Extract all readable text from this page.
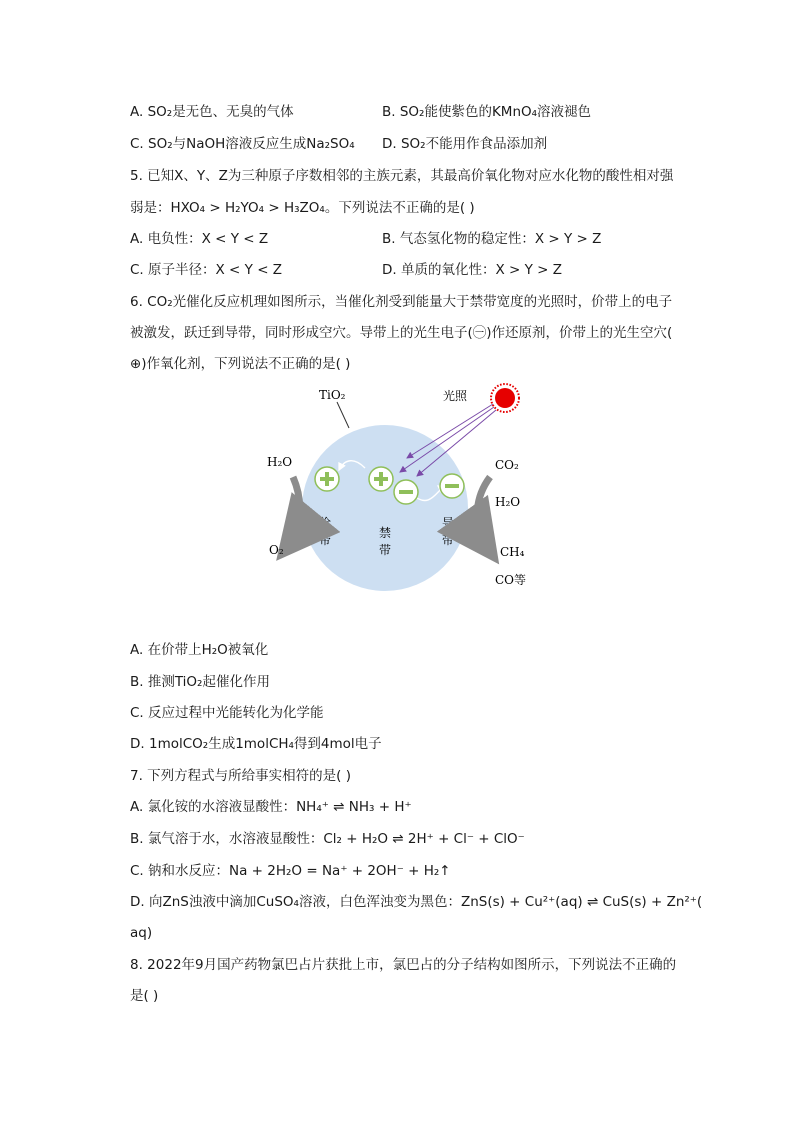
A. SO₂是无色、无臭的气体	B. SO₂能使紫色的KMnO₄溶液褪色
C. SO₂与NaOH溶液反应生成Na₂SO₄ D. SO₂不能用作食品添加剂
5. 已知X、Y、Z为三种原子序数相邻的主族元素，其最高价氧化物对应水化物的酸性相对强
弱是：HXO₄ > H₂YO₄ > H₃ZO₄。下列说法不正确的是( )
A. 电负性：X < Y < Z	B. 气态氢化物的稳定性：X > Y > Z
C. 原子半径：X < Y < Z	D. 单质的氧化性：X > Y > Z
6. CO₂光催化反应机理如图所示，当催化剂受到能量大于禁带宽度的光照时，价带上的电子
被激发，跃迁到导带，同时形成空穴。导带上的光生电子(㊀)作还原剂，价带上的光生空穴(
⊕)作氧化剂，下列说法不正确的是( )
TiO₂	光照
价
带	禁
带
导
带
H₂O
O₂
CO₂
H₂O
CH₄
CO等
A. 在价带上H₂O被氧化
B. 推测TiO₂起催化作用
C. 反应过程中光能转化为化学能
D. 1molCO₂生成1molCH₄得到4mol电子
7. 下列方程式与所给事实相符的是( )
A. 氯化铵的水溶液显酸性：NH₄⁺ ⇌ NH₃ + H⁺
B. 氯气溶于水，水溶液显酸性：Cl₂ + H₂O ⇌ 2H⁺ + Cl⁻ + ClO⁻
C. 钠和水反应：Na + 2H₂O = Na⁺ + 2OH⁻ + H₂↑
D. 向ZnS浊液中滴加CuSO₄溶液，白色浑浊变为黑色：ZnS(s) + Cu²⁺(aq) ⇌ CuS(s) + Zn²⁺(
aq)
8. 2022年9月国产药物氯巴占片获批上市，氯巴占的分子结构如图所示，下列说法不正确的
是( )
